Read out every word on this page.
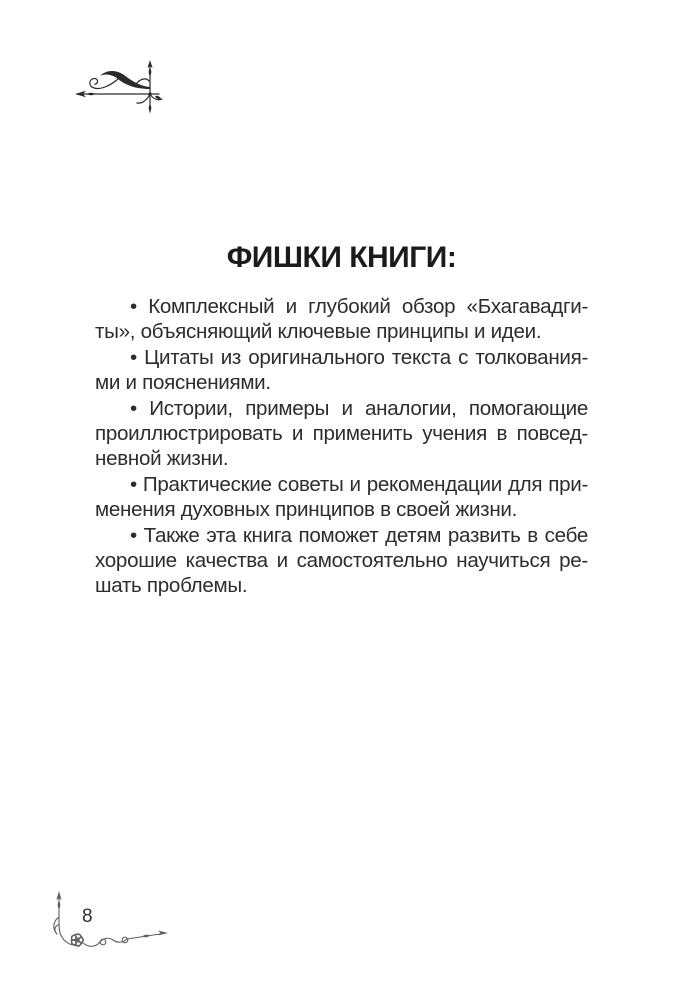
ФИШКИ КНИГИ:
• Комплексный и глубокий обзор «Бхагавадги-
ты», объясняющий ключевые принципы и идеи.
• Цитаты из оригинального текста с толкования-
ми и пояснениями.
• Истории, примеры и аналогии, помогающие
проиллюстрировать и применить учения в повсед-
невной жизни.
• Практические советы и рекомендации для при-
менения духовных принципов в своей жизни.
• Также эта книга поможет детям развить в себе
хорошие качества и самостоятельно научиться ре-
шать проблемы.
8
